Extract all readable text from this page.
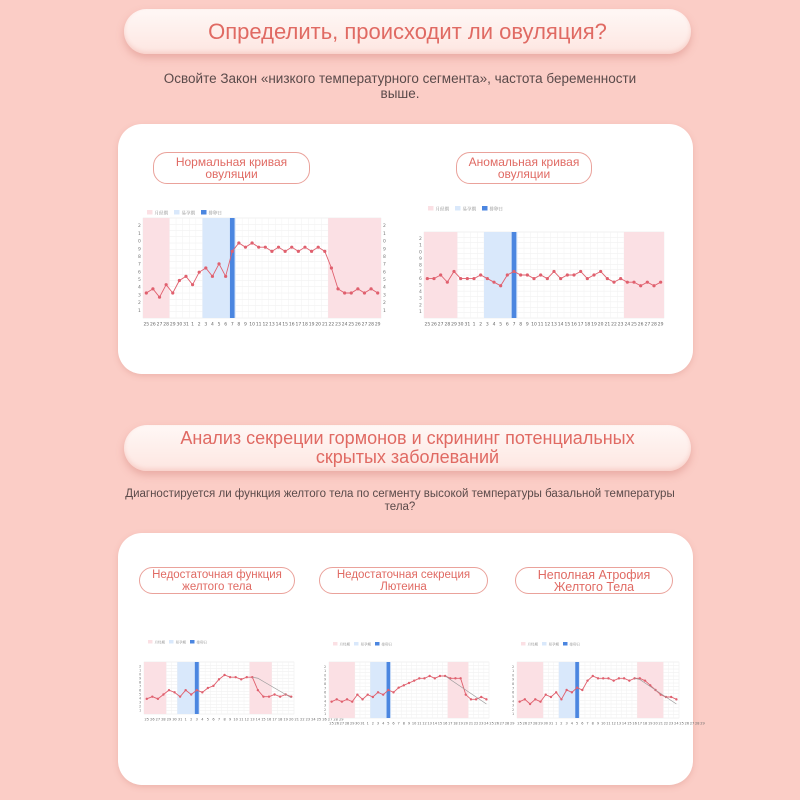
Определить, происходит ли овуляция?
Освойте Закон «низкого температурного сегмента», частота беременности выше.
Нормальная кривая овуляции
Аномальная кривая овуляции
月经期	易孕期	排卵日
2	2
1	1
0	0
9	9
8	8
7	7
6	6
5	5
4	4
3	3
2	2
1	1
25 26 27 28 29 30 31 1 2 3 4 5 6 7 8 9 10 11 12 13 14 15 16 17 18 19 20 21 22 23 24 25 26 27 28 29
月经期	易孕期	排卵日
2
1
0
9
8
7
6
5
4
3
2
1
25 26 27 28 29 30 31 1 2 3 4 5 6 7 8 9 10 11 12 13 14 15 16 17 18 19 20 21 22 23 24 25 26 27 28 29
Анализ секреции гормонов и скрининг потенциальных скрытых заболеваний
Диагностируется ли функция желтого тела по сегменту высокой температуры базальной температуры тела?
Недостаточная функция желтого тела
Недостаточная секреция Лютеина
Неполная Атрофия Желтого Тела
月经期	易孕期	排卵日
2
1
0
9
8
7
6
5
4
3
2
1
25 26 27 28 29 30 31 1 2 3 4 5 6 7 8 9 10 11 12 13 14 15 16 17 18 19 20 21 22 23 24 25 26 27 28 29
月经期	易孕期	排卵日
2
1
0
9
8
7
6
5
4
3
2
1
25 26 27 28 29 30 31 1 2 3 4 5 6 7 8 9 10 11 12 13 14 15 16 17 18 19 20 21 22 23 24 25 26 27 28 29
月经期	易孕期	排卵日
2
1
0
9
8
7
6
5
4
3
2
1
25 26 27 28 29 30 31 1 2 3 4 5 6 7 8 9 10 11 12 13 14 15 16 17 18 19 20 21 22 23 24 25 26 27 28 29
